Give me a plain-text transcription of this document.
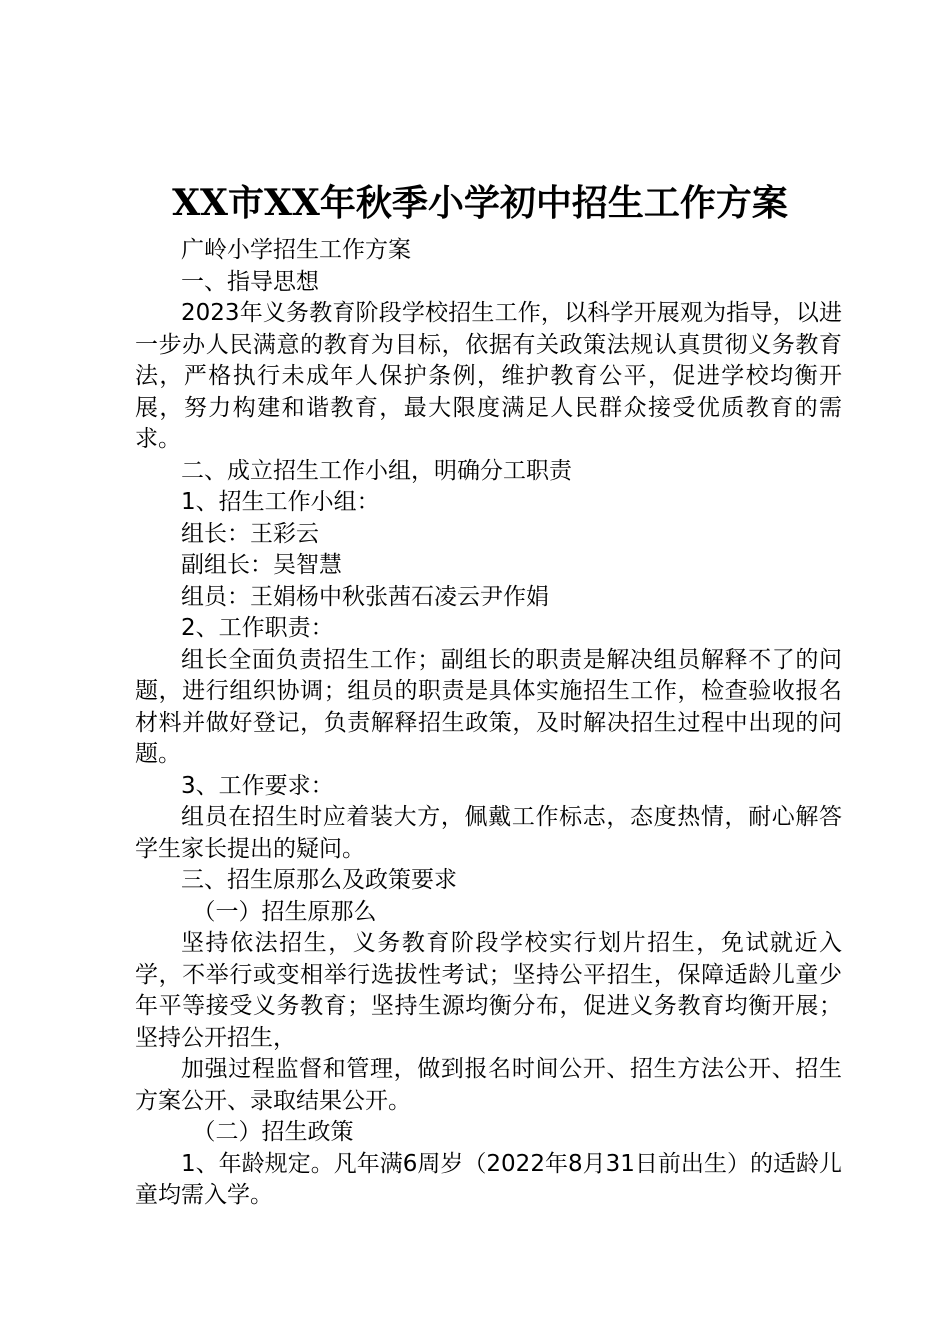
XX市XX年秋季小学初中招生工作方案

广岭小学招生工作方案

一、指导思想

2023年义务教育阶段学校招生工作，以科学开展观为指导，以进一步办人民满意的教育为目标，依据有关政策法规认真贯彻义务教育法，严格执行未成年人保护条例，维护教育公平，促进学校均衡开展，努力构建和谐教育，最大限度满足人民群众接受优质教育的需求。

二、成立招生工作小组，明确分工职责

1、招生工作小组：

组长：王彩云

副组长：吴智慧

组员：王娟杨中秋张茜石凌云尹作娟

2、工作职责：

组长全面负责招生工作；副组长的职责是解决组员解释不了的问题，进行组织协调；组员的职责是具体实施招生工作，检查验收报名材料并做好登记，负责解释招生政策，及时解决招生过程中出现的问题。

3、工作要求：

组员在招生时应着装大方，佩戴工作标志，态度热情，耐心解答学生家长提出的疑问。

三、招生原那么及政策要求

（一）招生原那么

坚持依法招生，义务教育阶段学校实行划片招生，免试就近入学，不举行或变相举行选拔性考试；坚持公平招生，保障适龄儿童少年平等接受义务教育；坚持生源均衡分布，促进义务教育均衡开展；坚持公开招生，

加强过程监督和管理，做到报名时间公开、招生方法公开、招生方案公开、录取结果公开。

（二）招生政策

1、年龄规定。凡年满6周岁（2022年8月31日前出生）的适龄儿童均需入学。
